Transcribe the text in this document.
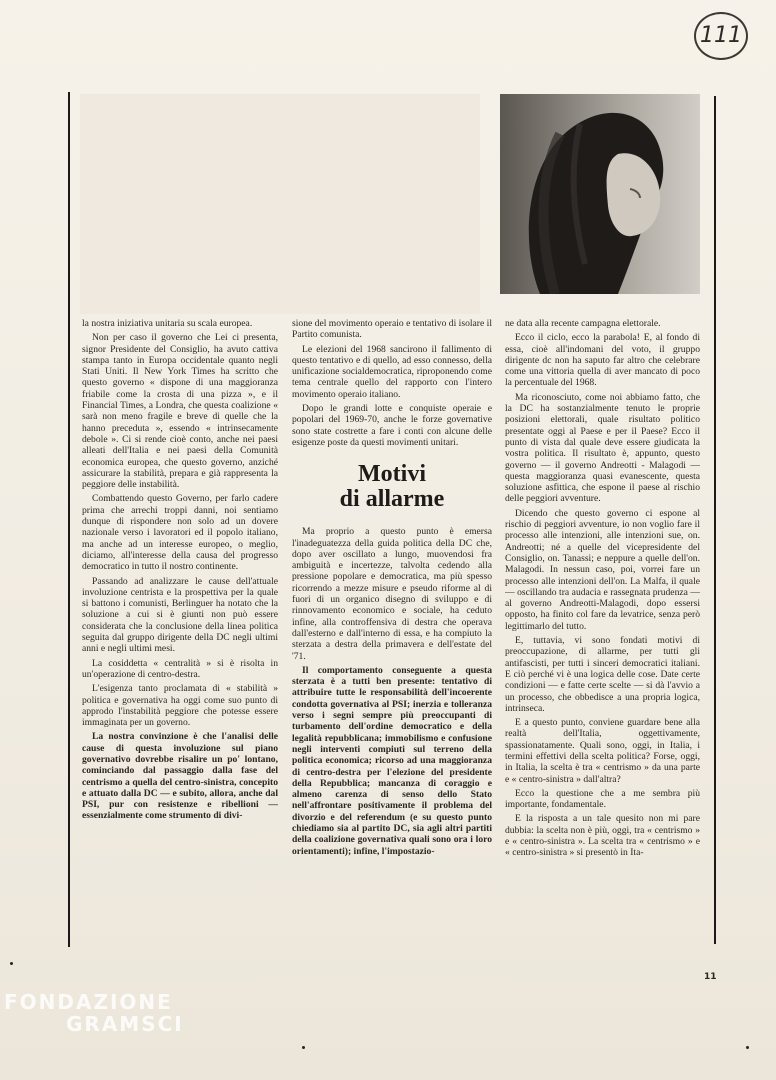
111

la nostra iniziativa unitaria su scala europea.

Non per caso il governo che Lei ci presenta, signor Presidente del Consiglio, ha avuto cattiva stampa tanto in Europa occidentale quanto negli Stati Uniti. Il New York Times ha scritto che questo governo « dispone di una maggioranza friabile come la crosta di una pizza », e il Financial Times, a Londra, che questa coalizione « sarà non meno fragile e breve di quelle che la hanno preceduta », essendo « intrinsecamente debole ». Ci si rende cioè conto, anche nei paesi alleati dell'Italia e nei paesi della Comunità economica europea, che questo governo, anziché assicurare la stabilità, prepara e già rappresenta la peggiore delle instabilità.

Combattendo questo Governo, per farlo cadere prima che arrechi troppi danni, noi sentiamo dunque di rispondere non solo ad un dovere nazionale verso i lavoratori ed il popolo italiano, ma anche ad un interesse europeo, o meglio, diciamo, all'interesse della causa del progresso democratico in tutto il nostro continente.

Passando ad analizzare le cause dell'attuale involuzione centrista e la prospettiva per la quale si battono i comunisti, Berlinguer ha notato che la soluzione a cui si è giunti non può essere considerata che la conclusione della linea politica seguita dal gruppo dirigente della DC negli ultimi anni e negli ultimi mesi.

La cosiddetta « centralità » si è risolta in un'operazione di centro-destra.

L'esigenza tanto proclamata di « stabilità » politica e governativa ha oggi come suo punto di approdo l'instabilità peggiore che potesse essere immaginata per un governo.

La nostra convinzione è che l'analisi delle cause di questa involuzione sul piano governativo dovrebbe risalire un po' lontano, cominciando dal passaggio dalla fase del centrismo a quella del centro-sinistra, concepito e attuato dalla DC — e subito, allora, anche dal PSI, pur con resistenze e ribellioni — essenzialmente come strumento di divi-

sione del movimento operaio e tentativo di isolare il Partito comunista.

Le elezioni del 1968 sancirono il fallimento di questo tentativo e di quello, ad esso connesso, della unificazione socialdemocratica, riproponendo come tema centrale quello del rapporto con l'intero movimento operaio italiano.

Dopo le grandi lotte e conquiste operaie e popolari del 1969-70, anche le forze governative sono state costrette a fare i conti con alcune delle esigenze poste da questi movimenti unitari.

Motivi
di allarme

Ma proprio a questo punto è emersa l'inadeguatezza della guida politica della DC che, dopo aver oscillato a lungo, muovendosi fra ambiguità e incertezze, talvolta cedendo alla pressione popolare e democratica, ma più spesso ricorrendo a mezze misure e pseudo riforme al di fuori di un organico disegno di sviluppo e di rinnovamento economico e sociale, ha ceduto infine, alla controffensiva di destra che operava dall'esterno e dall'interno di essa, e ha compiuto la sterzata a destra della primavera e dell'estate del '71.

Il comportamento conseguente a questa sterzata è a tutti ben presente: tentativo di attribuire tutte le responsabilità dell'incoerente condotta governativa al PSI; inerzia e tolleranza verso i segni sempre più preoccupanti di turbamento dell'ordine democratico e della legalità repubblicana; immobilismo e confusione negli interventi compiuti sul terreno della politica economica; ricorso ad una maggioranza di centro-destra per l'elezione del presidente della Repubblica; mancanza di coraggio e almeno carenza di senso dello Stato nell'affrontare positivamente il problema del divorzio e del referendum (e su questo punto chiediamo sia al partito DC, sia agli altri partiti della coalizione governativa quali sono ora i loro orientamenti); infine, l'impostazio-

ne data alla recente campagna elettorale.

Ecco il ciclo, ecco la parabola! E, al fondo di essa, cioè all'indomani del voto, il gruppo dirigente dc non ha saputo far altro che celebrare come una vittoria quella di aver mancato di poco la percentuale del 1968.

Ma riconosciuto, come noi abbiamo fatto, che la DC ha sostanzialmente tenuto le proprie posizioni elettorali, quale risultato politico presentate oggi al Paese e per il Paese? Ecco il punto di vista dal quale deve essere giudicata la vostra politica. Il risultato è, appunto, questo governo — il governo Andreotti - Malagodi — questa maggioranza quasi evanescente, questa soluzione asfittica, che espone il paese al rischio delle peggiori avventure.

Dicendo che questo governo ci espone al rischio di peggiori avventure, io non voglio fare il processo alle intenzioni, alle intenzioni sue, on. Andreotti; né a quelle del vicepresidente del Consiglio, on. Tanassi; e neppure a quelle dell'on. Malagodi. In nessun caso, poi, vorrei fare un processo alle intenzioni dell'on. La Malfa, il quale — oscillando tra audacia e rassegnata prudenza — al governo Andreotti-Malagodi, dopo essersi opposto, ha finito col fare da levatrice, senza però legittimarlo del tutto.

E, tuttavia, vi sono fondati motivi di preoccupazione, di allarme, per tutti gli antifascisti, per tutti i sinceri democratici italiani. E ciò perché vi è una logica delle cose. Date certe condizioni — e fatte certe scelte — si dà l'avvio a un processo, che obbedisce a una propria logica, intrinseca.

E a questo punto, conviene guardare bene alla realtà dell'Italia, oggettivamente, spassionatamente. Quali sono, oggi, in Italia, i termini effettivi della scelta politica? Forse, oggi, in Italia, la scelta è tra « centrismo » da una parte e « centro-sinistra » dall'altra?

Ecco la questione che a me sembra più importante, fondamentale.

E la risposta a un tale quesito non mi pare dubbia: la scelta non è più, oggi, tra « centrismo » e « centro-sinistra ». La scelta tra « centrismo » e « centro-sinistra » si presentò in Ita-

11
FONDAZIONE
GRAMSCI
